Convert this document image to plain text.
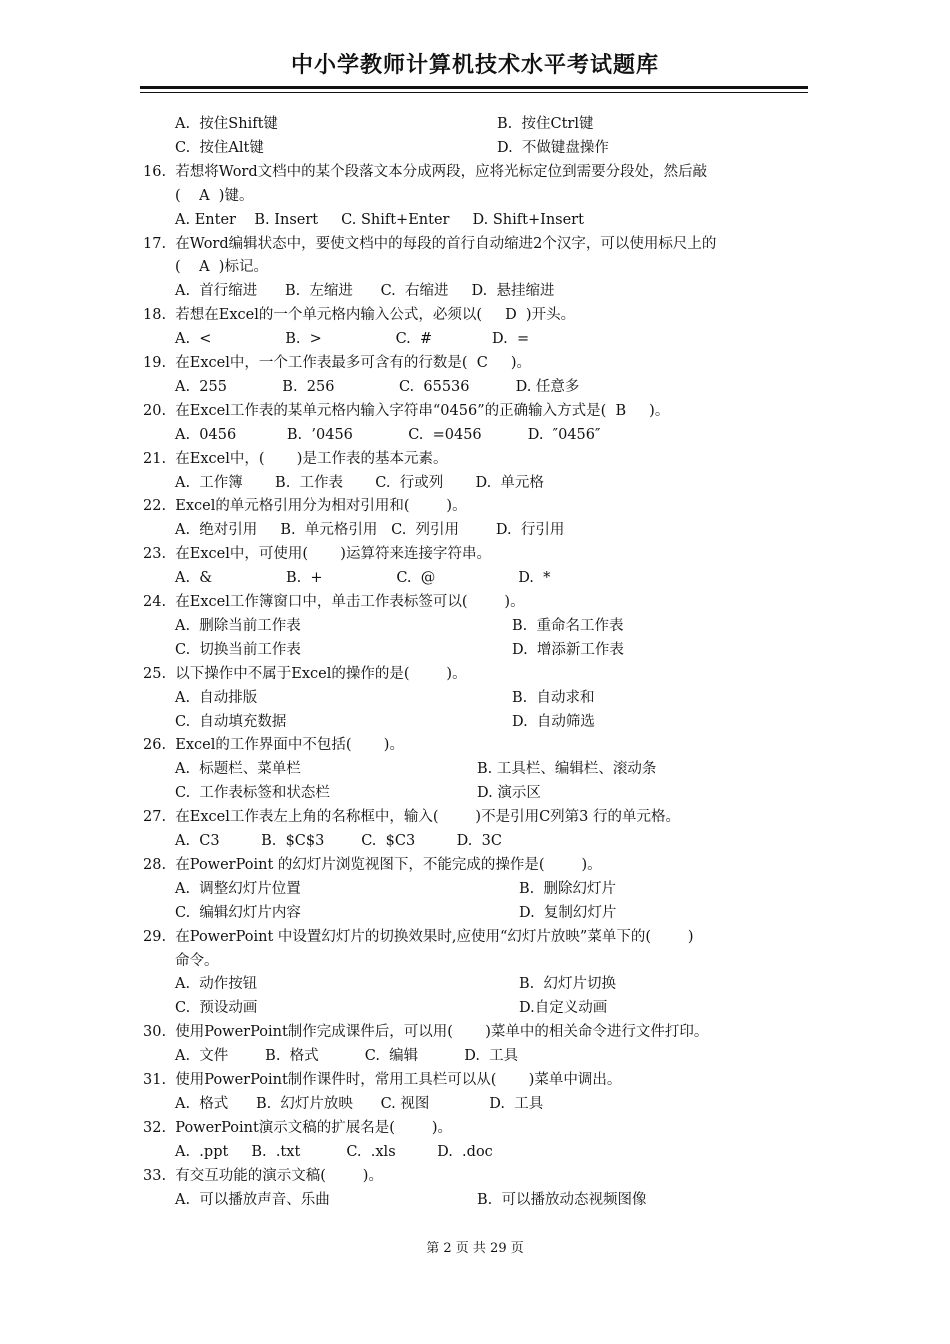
中小学教师计算机技术水平考试题库
A.  按住Shift键	B.  按住Ctrl键
C.  按住Alt键	D.  不做键盘操作
16.  若想将Word文档中的某个段落文本分成两段，应将光标定位到需要分段处，然后敲
(    A  )键。
A. Enter    B. Insert     C. Shift+Enter     D. Shift+Insert
17.  在Word编辑状态中，要使文档中的每段的首行自动缩进2个汉字，可以使用标尺上的
(    A  )标记。
A.  首行缩进      B.  左缩进      C.  右缩进     D.  悬挂缩进
18.  若想在Excel的一个单元格内输入公式，必须以(     D  )开头。
A.  <                B.  >                C.  #             D.  =
19.  在Excel中，一个工作表最多可含有的行数是(  C     )。
A.  255            B.  256              C.  65536          D. 任意多
20.  在Excel工作表的某单元格内输入字符串“0456”的正确输入方式是(  B     )。
A.  0456           B.  ’0456            C.  =0456          D.  ″0456″
21.  在Excel中，(       )是工作表的基本元素。
A.  工作簿       B.  工作表       C.  行或列       D.  单元格
22.  Excel的单元格引用分为相对引用和(        )。
A.  绝对引用     B.  单元格引用   C.  列引用        D.  行引用
23.  在Excel中，可使用(       )运算符来连接字符串。
A.  &                B.  +                C.  @                  D.  *
24.  在Excel工作簿窗口中，单击工作表标签可以(        )。
A.  删除当前工作表	B.  重命名工作表
C.  切换当前工作表	D.  增添新工作表
25.  以下操作中不属于Excel的操作的是(        )。
A.  自动排版	B.  自动求和
C.  自动填充数据	D.  自动筛选
26.  Excel的工作界面中不包括(       )。
A.  标题栏、菜单栏	B. 工具栏、编辑栏、滚动条
C.  工作表标签和状态栏	D. 演示区
27.  在Excel工作表左上角的名称框中，输入(        )不是引用C列第3 行的单元格。
A.  C3         B.  $C$3        C.  $C3         D.  3C
28.  在PowerPoint 的幻灯片浏览视图下，不能完成的操作是(        )。
A.  调整幻灯片位置	B.  删除幻灯片
C.  编辑幻灯片内容	D.  复制幻灯片
29.  在PowerPoint 中设置幻灯片的切换效果时,应使用“幻灯片放映”菜单下的(        )
命令。
A.  动作按钮	B.  幻灯片切换
C.  预设动画	D.自定义动画
30.  使用PowerPoint制作完成课件后，可以用(       )菜单中的相关命令进行文件打印。
A.  文件        B.  格式          C.  编辑          D.  工具
31.  使用PowerPoint制作课件时，常用工具栏可以从(       )菜单中调出。
A.  格式      B.  幻灯片放映      C. 视图             D.  工具
32.  PowerPoint演示文稿的扩展名是(        )。
A.  .ppt     B.  .txt          C.  .xls         D.  .doc
33.  有交互功能的演示文稿(        )。
A.  可以播放声音、乐曲	B.  可以播放动态视频图像
第 2 页 共 29 页
